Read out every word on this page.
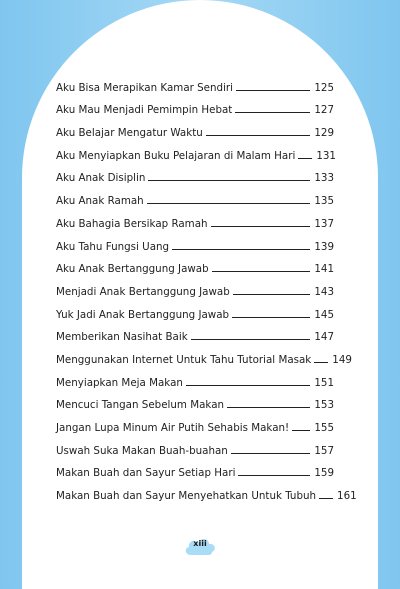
Aku Bisa Merapikan Kamar Sendiri	125
Aku Mau Menjadi Pemimpin Hebat	127
Aku Belajar Mengatur Waktu	129
Aku Menyiapkan Buku Pelajaran di Malam Hari 131
Aku Anak Disiplin	133
Aku Anak Ramah	135
Aku Bahagia Bersikap Ramah	137
Aku Tahu Fungsi Uang	139
Aku Anak Bertanggung Jawab	141
Menjadi Anak Bertanggung Jawab	143
Yuk Jadi Anak Bertanggung Jawab	145
Memberikan Nasihat Baik	147
Menggunakan Internet Untuk Tahu Tutorial Masak 149
Menyiapkan Meja Makan	151
Mencuci Tangan Sebelum Makan	153
Jangan Lupa Minum Air Putih Sehabis Makan! 155
Uswah Suka Makan Buah-buahan	157
Makan Buah dan Sayur Setiap Hari	159
Makan Buah dan Sayur Menyehatkan Untuk Tubuh 161
xiii
